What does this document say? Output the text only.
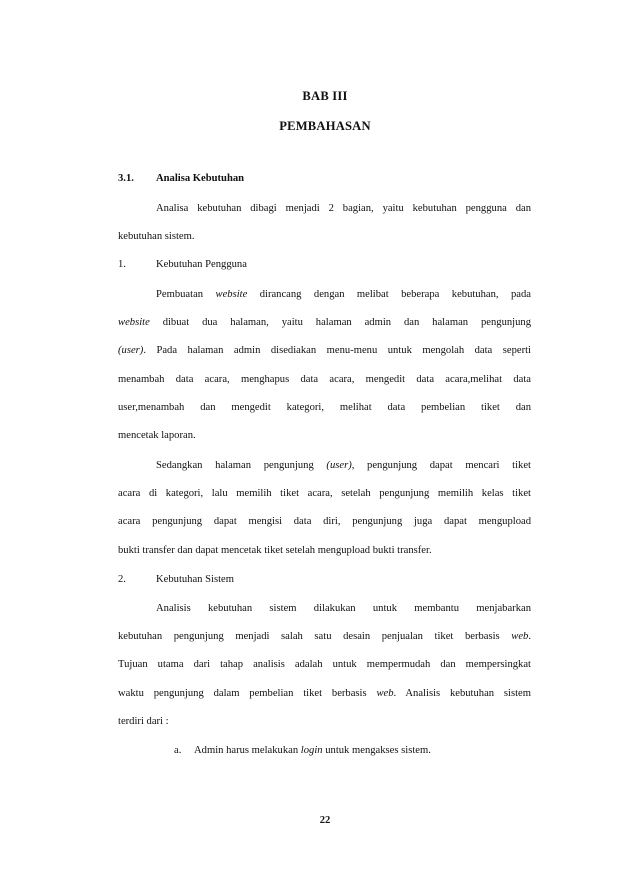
BAB III
PEMBAHASAN
3.1. Analisa Kebutuhan
Analisa kebutuhan dibagi menjadi 2 bagian, yaitu kebutuhan pengguna dan
kebutuhan sistem.
1.	Kebutuhan Pengguna
Pembuatan website dirancang dengan melibat beberapa kebutuhan, pada
website dibuat dua halaman, yaitu halaman admin dan halaman pengunjung
(user). Pada halaman admin disediakan menu-menu untuk mengolah data seperti
menambah data acara, menghapus data acara, mengedit data acara,melihat data
user,menambah dan mengedit kategori, melihat data pembelian tiket dan
mencetak laporan.
Sedangkan halaman pengunjung (user), pengunjung dapat mencari tiket
acara di kategori, lalu memilih tiket acara, setelah pengunjung memilih kelas tiket
acara pengunjung dapat mengisi data diri, pengunjung juga dapat mengupload
bukti transfer dan dapat mencetak tiket setelah mengupload bukti transfer.
2.	Kebutuhan Sistem
Analisis kebutuhan sistem dilakukan untuk membantu menjabarkan
kebutuhan pengunjung menjadi salah satu desain penjualan tiket berbasis web.
Tujuan utama dari tahap analisis adalah untuk mempermudah dan mempersingkat
waktu pengunjung dalam pembelian tiket berbasis web. Analisis kebutuhan sistem
terdiri dari :
a. Admin harus melakukan login untuk mengakses sistem.
22
